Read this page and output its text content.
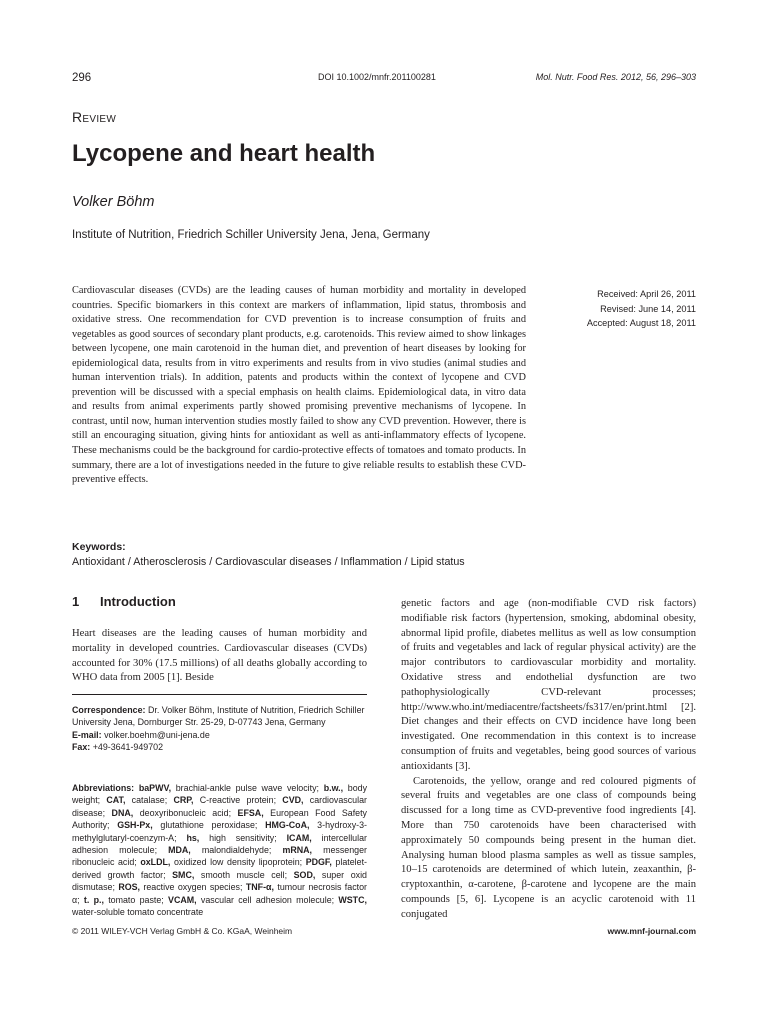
296	DOI 10.1002/mnfr.201100281	Mol. Nutr. Food Res. 2012, 56, 296–303
Review
Lycopene and heart health
Volker Böhm
Institute of Nutrition, Friedrich Schiller University Jena, Jena, Germany
Cardiovascular diseases (CVDs) are the leading causes of human morbidity and mortality in developed countries. Specific biomarkers in this context are markers of inflammation, lipid status, thrombosis and oxidative stress. One recommendation for CVD prevention is to increase consumption of fruits and vegetables as good sources of secondary plant products, e.g. carotenoids. This review aimed to show linkages between lycopene, one main carotenoid in the human diet, and prevention of heart diseases by looking for epidemiological data, results from in vitro experiments and results from in vivo studies (animal studies and human intervention trials). In addition, patents and products within the context of lycopene and CVD prevention will be discussed with a special emphasis on health claims. Epidemiological data, in vitro data and results from animal experiments partly showed promising preventive mechanisms of lycopene. In contrast, until now, human intervention studies mostly failed to show any CVD prevention. However, there is still an encouraging situation, giving hints for antioxidant as well as anti-inflammatory effects of lycopene. These mechanisms could be the background for cardio-protective effects of tomatoes and tomato products. In summary, there are a lot of investigations needed in the future to give reliable results to establish these CVD-preventive effects.
Received: April 26, 2011
Revised: June 14, 2011
Accepted: August 18, 2011
Keywords:
Antioxidant / Atherosclerosis / Cardiovascular diseases / Inflammation / Lipid status
1 Introduction
Heart diseases are the leading causes of human morbidity and mortality in developed countries. Cardiovascular diseases (CVDs) accounted for 30% (17.5 millions) of all deaths globally according to WHO data from 2005 [1]. Beside
Correspondence: Dr. Volker Böhm, Institute of Nutrition, Friedrich Schiller University Jena, Dornburger Str. 25-29, D-07743 Jena, Germany
E-mail: volker.boehm@uni-jena.de
Fax: +49-3641-949702
Abbreviations: baPWV, brachial-ankle pulse wave velocity; b.w., body weight; CAT, catalase; CRP, C-reactive protein; CVD, cardiovascular disease; DNA, deoxyribonucleic acid; EFSA, European Food Safety Authority; GSH-Px, glutathione peroxidase; HMG-CoA, 3-hydroxy-3-methylglutaryl-coenzym-A; hs, high sensitivity; ICAM, intercellular adhesion molecule; MDA, malondialdehyde; mRNA, messenger ribonucleic acid; oxLDL, oxidized low density lipoprotein; PDGF, platelet-derived growth factor; SMC, smooth muscle cell; SOD, super oxid dismutase; ROS, reactive oxygen species; TNF-α, tumour necrosis factor α; t. p., tomato paste; VCAM, vascular cell adhesion molecule; WSTC, water-soluble tomato concentrate

genetic factors and age (non-modifiable CVD risk factors) modifiable risk factors (hypertension, smoking, abdominal obesity, abnormal lipid profile, diabetes mellitus as well as low consumption of fruits and vegetables and lack of regular physical activity) are the major contributors to cardiovascular morbidity and mortality. Oxidative stress and endothelial dysfunction are two pathophysiologically CVD-relevant processes; http://www.who.int/mediacentre/factsheets/fs317/en/print.html [2]. Diet changes and their effects on CVD incidence have long been investigated. One recommendation in this context is to increase consumption of fruits and vegetables, being good sources of various antioxidants [3].

Carotenoids, the yellow, orange and red coloured pigments of several fruits and vegetables are one class of compounds being discussed for a long time as CVD-preventive food ingredients [4]. More than 750 carotenoids have been characterised with approximately 50 compounds being present in the human diet. Analysing human blood plasma samples as well as tissue samples, 10–15 carotenoids are determined of which lutein, zeaxanthin, β-cryptoxanthin, α-carotene, β-carotene and lycopene are the main compounds [5, 6]. Lycopene is an acyclic carotenoid with 11 conjugated

© 2011 WILEY-VCH Verlag GmbH & Co. KGaA, Weinheim	www.mnf-journal.com
